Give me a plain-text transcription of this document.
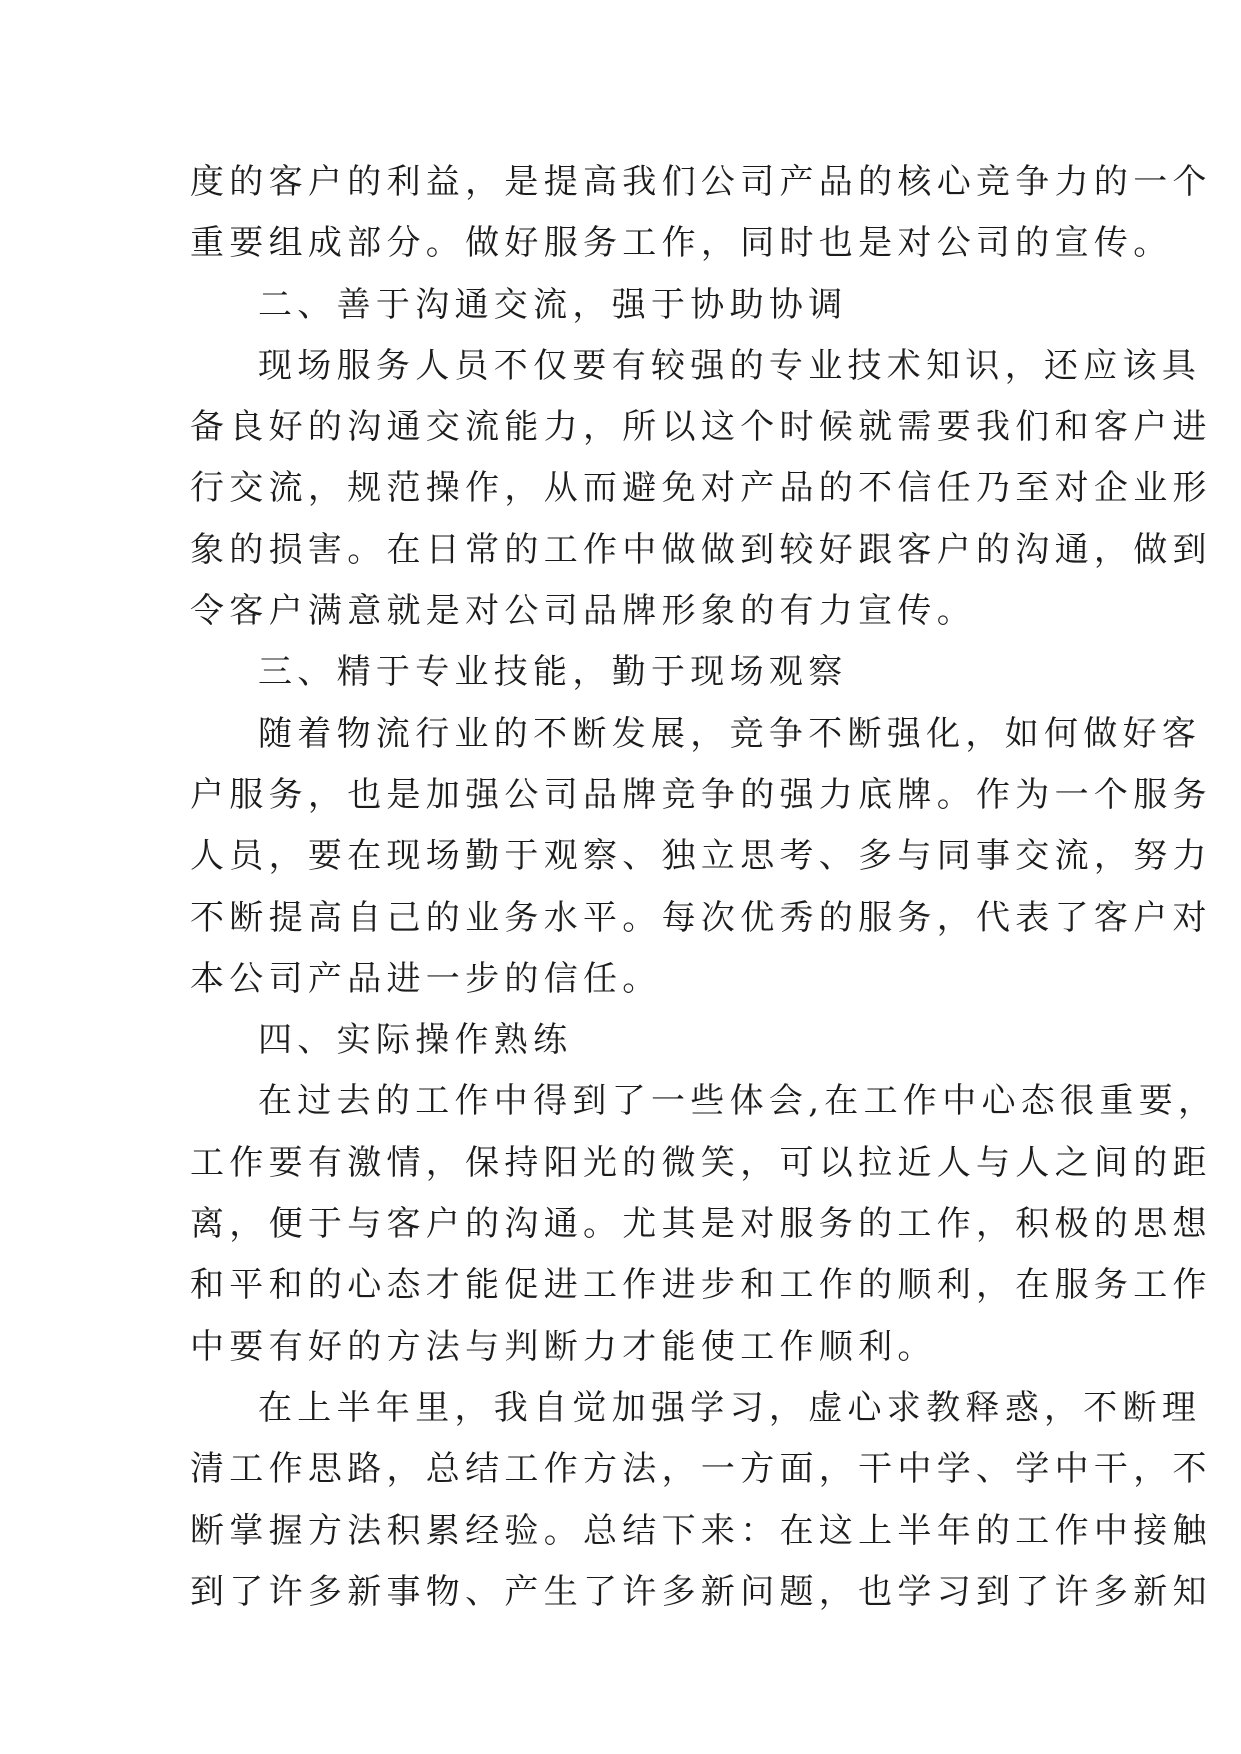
度的客户的利益，是提高我们公司产品的核心竞争力的一个
重要组成部分。做好服务工作，同时也是对公司的宣传。
二、善于沟通交流，强于协助协调
现场服务人员不仅要有较强的专业技术知识，还应该具
备良好的沟通交流能力，所以这个时候就需要我们和客户进
行交流，规范操作，从而避免对产品的不信任乃至对企业形
象的损害。在日常的工作中做做到较好跟客户的沟通，做到
令客户满意就是对公司品牌形象的有力宣传。
三、精于专业技能，勤于现场观察
随着物流行业的不断发展，竞争不断强化，如何做好客
户服务，也是加强公司品牌竞争的强力底牌。作为一个服务
人员，要在现场勤于观察、独立思考、多与同事交流，努力
不断提高自己的业务水平。每次优秀的服务，代表了客户对
本公司产品进一步的信任。
四、实际操作熟练
在过去的工作中得到了一些体会,在工作中心态很重要，
工作要有激情，保持阳光的微笑，可以拉近人与人之间的距
离，便于与客户的沟通。尤其是对服务的工作，积极的思想
和平和的心态才能促进工作进步和工作的顺利，在服务工作
中要有好的方法与判断力才能使工作顺利。
在上半年里，我自觉加强学习，虚心求教释惑，不断理
清工作思路，总结工作方法，一方面，干中学、学中干，不
断掌握方法积累经验。总结下来：在这上半年的工作中接触
到了许多新事物、产生了许多新问题，也学习到了许多新知
